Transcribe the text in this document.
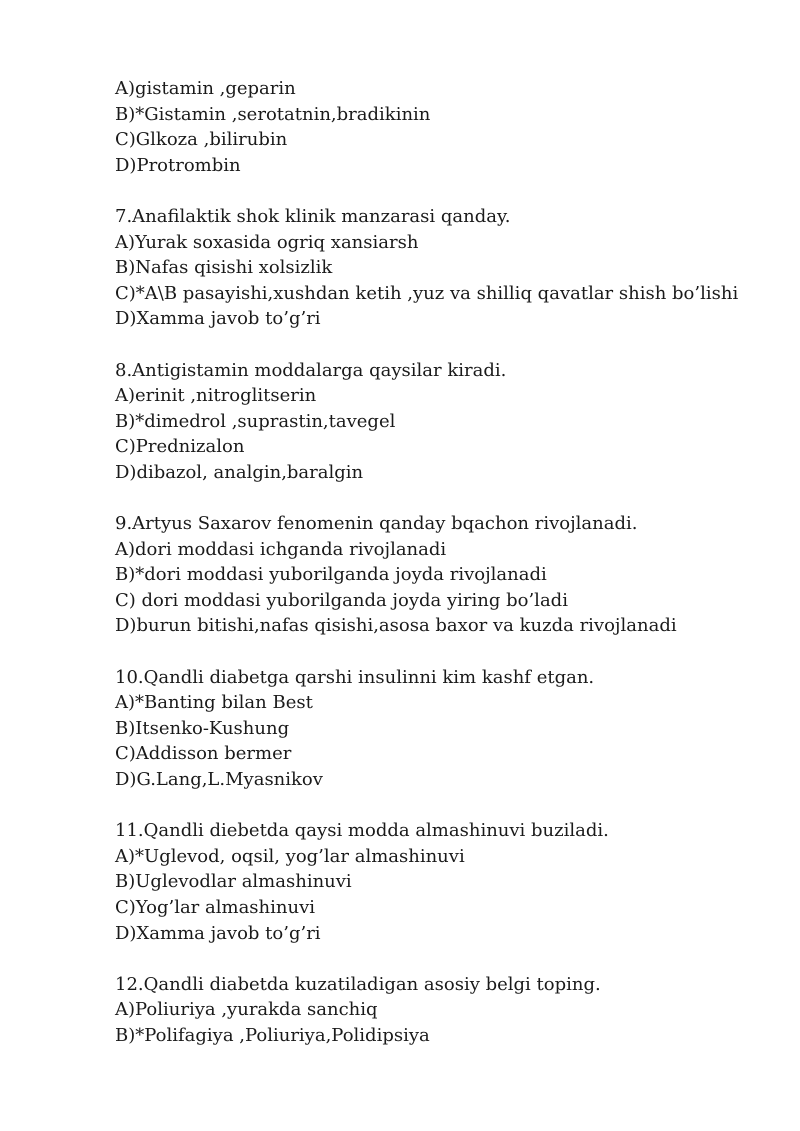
A)gistamin ,geparin
B)*Gistamin ,serotatnin,bradikinin
C)Glkoza ,bilirubin
D)Protrombin
7.Anafilaktik shok klinik manzarasi qanday.
A)Yurak soxasida ogriq xansiarsh
B)Nafas qisishi xolsizlik
C)*A\B pasayishi,xushdan ketih ,yuz va shilliq qavatlar shish bo’lishi
D)Xamma javob to’g’ri
8.Antigistamin moddalarga qaysilar kiradi.
A)erinit ,nitroglitserin
B)*dimedrol ,suprastin,tavegel
C)Prednizalon
D)dibazol, analgin,baralgin
9.Artyus Saxarov fenomenin qanday bqachon rivojlanadi.
A)dori moddasi ichganda rivojlanadi
B)*dori moddasi yuborilganda joyda rivojlanadi
C) dori moddasi yuborilganda joyda yiring bo’ladi
D)burun bitishi,nafas qisishi,asosa baxor va kuzda rivojlanadi
10.Qandli diabetga qarshi insulinni kim kashf etgan.
A)*Banting bilan Best
B)Itsenko-Kushung
C)Addisson bermer
D)G.Lang,L.Myasnikov
11.Qandli diebetda qaysi modda almashinuvi buziladi.
A)*Uglevod, oqsil, yog’lar almashinuvi
B)Uglevodlar almashinuvi
C)Yog’lar almashinuvi
D)Xamma javob to’g’ri
12.Qandli diabetda kuzatiladigan asosiy belgi toping.
A)Poliuriya ,yurakda sanchiq
B)*Polifagiya ,Poliuriya,Polidipsiya
